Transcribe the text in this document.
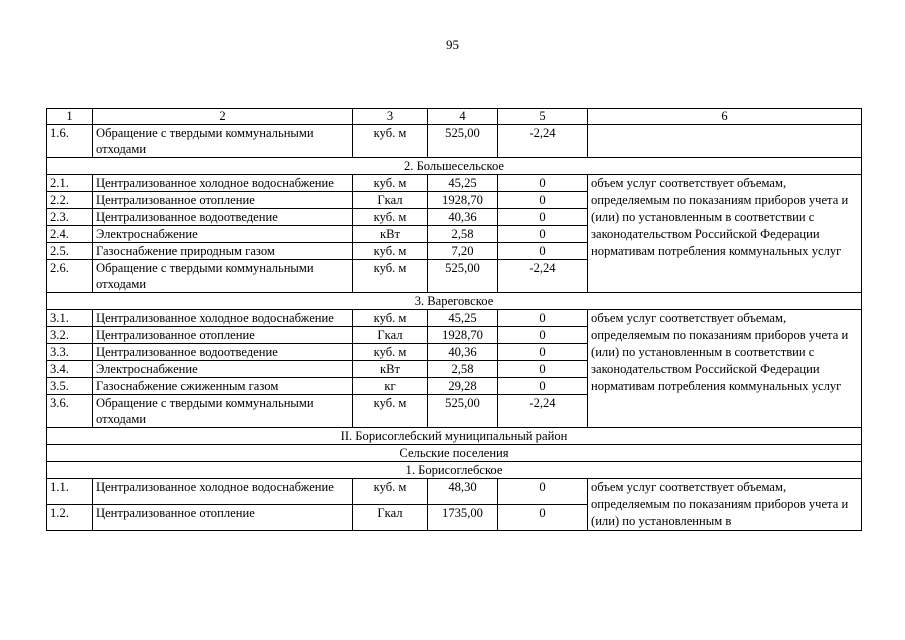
95
1	2	3	4	5	6
1.6.	Обращение с твердыми коммунальными отходами	куб. м	525,00	-2,24	
2. Большесельское					
2.1.	Централизованное холодное водоснабжение	куб. м	45,25	0	объем услуг соответствует объемам, определяемым по показаниям приборов учета и (или) по установленным в соответствии с законодательством Российской Федерации нормативам потребления коммунальных услуг
2.2.	Централизованное отопление	Гкал	1928,70	0	
2.3.	Централизованное водоотведение	куб. м	40,36	0	
2.4.	Электроснабжение	кВт	2,58	0	
2.5.	Газоснабжение природным газом	куб. м	7,20	0	
2.6.	Обращение с твердыми коммунальными отходами	куб. м	525,00	-2,24	
3. Вареговское					
3.1.	Централизованное холодное водоснабжение	куб. м	45,25	0	объем услуг соответствует объемам, определяемым по показаниям приборов учета и (или) по установленным в соответствии с законодательством Российской Федерации нормативам потребления коммунальных услуг
3.2.	Централизованное отопление	Гкал	1928,70	0	
3.3.	Централизованное водоотведение	куб. м	40,36	0	
3.4.	Электроснабжение	кВт	2,58	0	
3.5.	Газоснабжение сжиженным газом	кг	29,28	0	
3.6.	Обращение с твердыми коммунальными отходами	куб. м	525,00	-2,24	
II. Борисоглебский муниципальный район					
Сельские поселения					
1. Борисоглебское					
1.1.	Централизованное холодное водоснабжение	куб. м	48,30	0	объем услуг соответствует объемам, определяемым по показаниям приборов учета и (или) по установленным в
1.2.	Централизованное отопление	Гкал	1735,00	0	
